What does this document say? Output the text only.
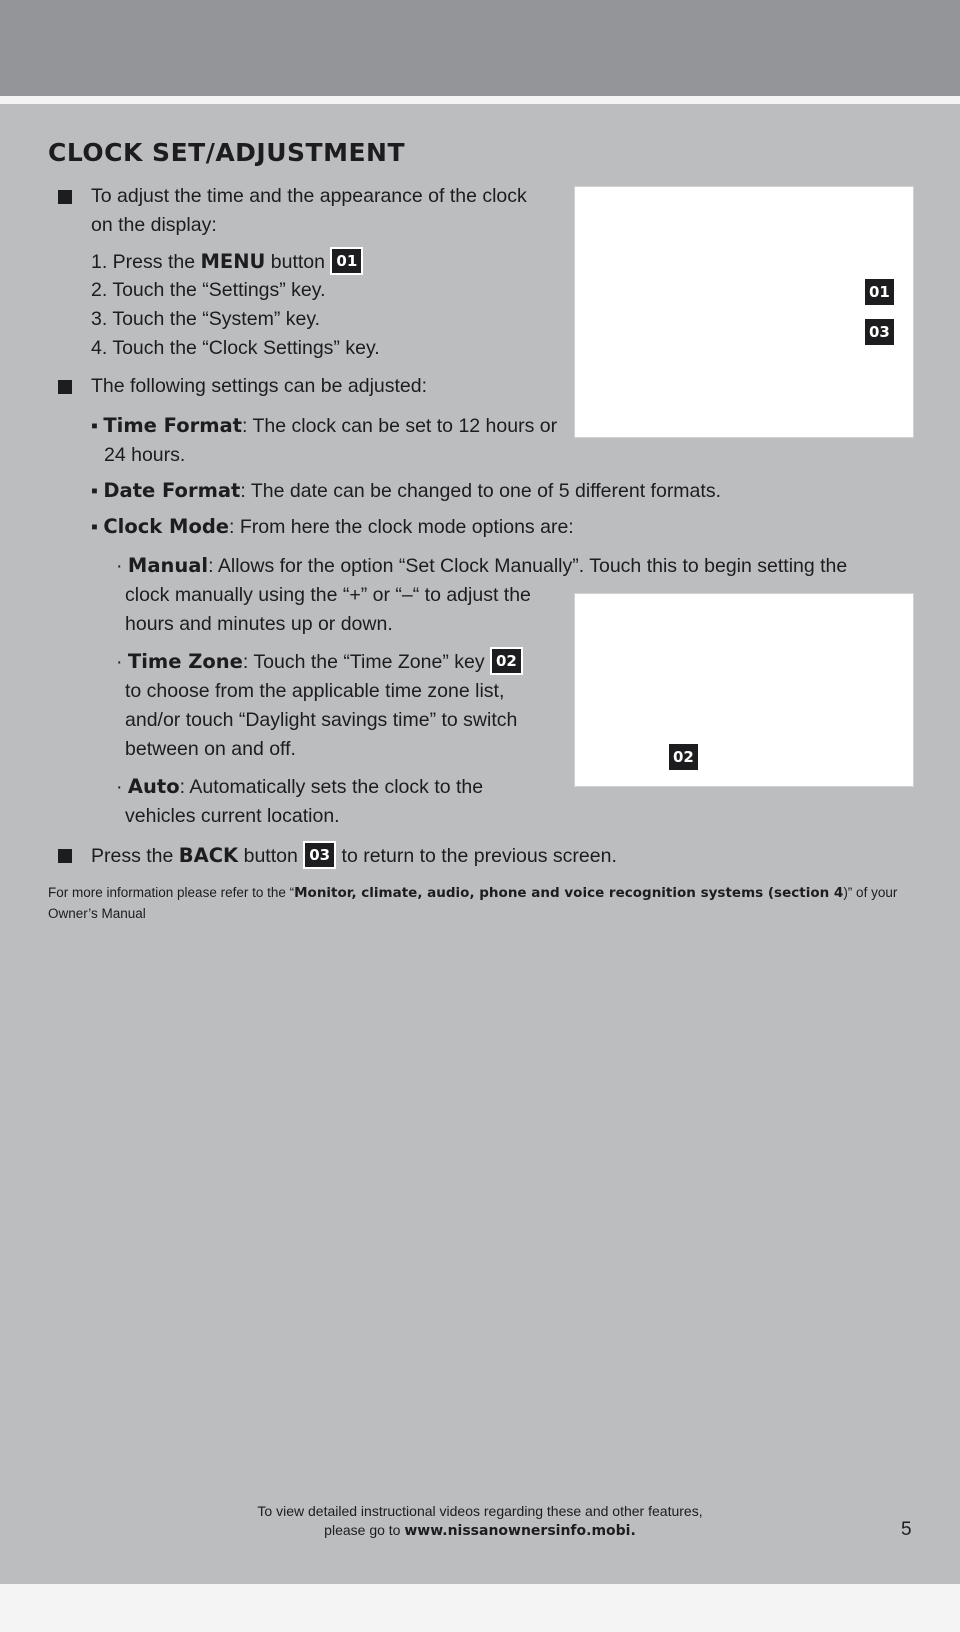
CLOCK SET/ADJUSTMENT
To adjust the time and the appearance of the clock
on the display:
1. Press the MENU button 01
2. Touch the “Settings” key.
3. Touch the “System” key.
4. Touch the “Clock Settings” key.
The following settings can be adjusted:
▪ Time Format: The clock can be set to 12 hours or
24 hours.
▪ Date Format: The date can be changed to one of 5 different formats.
▪ Clock Mode: From here the clock mode options are:
· Manual: Allows for the option “Set Clock Manually”. Touch this to begin setting the
clock manually using the “+” or “–“ to adjust the
hours and minutes up or down.
· Time Zone: Touch the “Time Zone” key 02
to choose from the applicable time zone list,
and/or touch “Daylight savings time” to switch
between on and off.
· Auto: Automatically sets the clock to the
vehicles current location.
Press the BACK button 03 to return to the previous screen.
For more information please refer to the “Monitor, climate, audio, phone and voice recognition systems (section 4)” of your
Owner’s Manual
01
03
02
To view detailed instructional videos regarding these and other features,
please go to www.nissanownersinfo.mobi.	5
